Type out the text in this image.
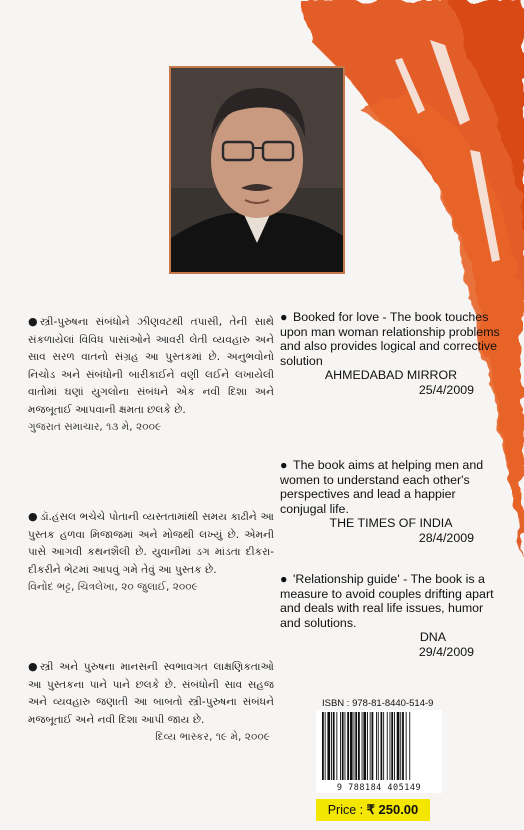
● સ્ત્રી-પુરુષના સંબંધોને ઝીણવટથી તપાસી, તેની સાથે સંકળાયેલાં વિવિધ પાસાંઓને આવરી લેતી વ્યવહારુ અને સાવ સરળ વાતનો સંગ્રહ આ પુસ્તકમાં છે. અનુભવોનો નિચોડ અને સંબંધોની બારીકાઈને વણી લઈને લખાયેલી વાતોમાં ઘણાં યુગલોના સંબંધને એક નવી દિશા અને મજબૂતાઈ આપવાની ક્ષમતા છલકે છે.
ગુજરાત સમાચાર, ૧૩ મે, ૨૦૦૯
● ડૉ.હંસલ ભચેચે પોતાની વ્યસ્તતામાંથી સમય કાઢીને આ પુસ્તક હળવા મિજાજમાં અને મોજથી લખ્યું છે. એમની પાસે આગવી કથનશૈલી છે. યુવાનીમાં ડગ માંડતા દીકરા-દીકરીને ભેટમાં આપવું ગમે તેવું આ પુસ્તક છે.
વિનોદ ભટ્ટ, ચિત્રલેખા, ૨૦ જુલાઈ, ૨૦૦૯
● સ્ત્રી અને પુરુષના માનસની સ્વભાવગત લાક્ષણિકતાઓ આ પુસ્તકના પાને પાને છલકે છે. સંબંધોની સાવ સહજ અને વ્યવહારુ જણાતી આ બાબતો સ્ત્રી-પુરુષના સંબંધને મજબૂતાઈ અને નવી દિશા આપી જાય છે.
દિવ્ય ભાસ્કર, ૧૯ મે, ૨૦૦૯
● Booked for love - The book touches upon man woman relationship problems and also provides logical and corrective solution
AHMEDABAD MIRROR
25/4/2009
● The book aims at helping men and women to understand each other's perspectives and lead a happier conjugal life.
THE TIMES OF INDIA
28/4/2009
● 'Relationship guide' - The book is a measure to avoid couples drifting apart and deals with real life issues, humor and solutions.
DNA
29/4/2009
ISBN : 978-81-8440-514-9
9 788184 405149
Price : ₹ 250.00
